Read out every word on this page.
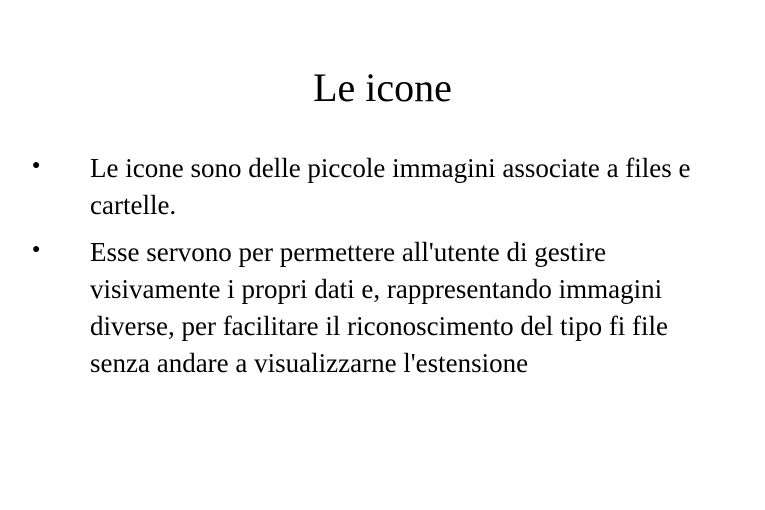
Le icone
● Le icone sono delle piccole immagini associate a files e cartelle.
● Esse servono per permettere all'utente di gestire visivamente i propri dati e, rappresentando immagini diverse, per facilitare il riconoscimento del tipo fi file senza andare a visualizzarne l'estensione
